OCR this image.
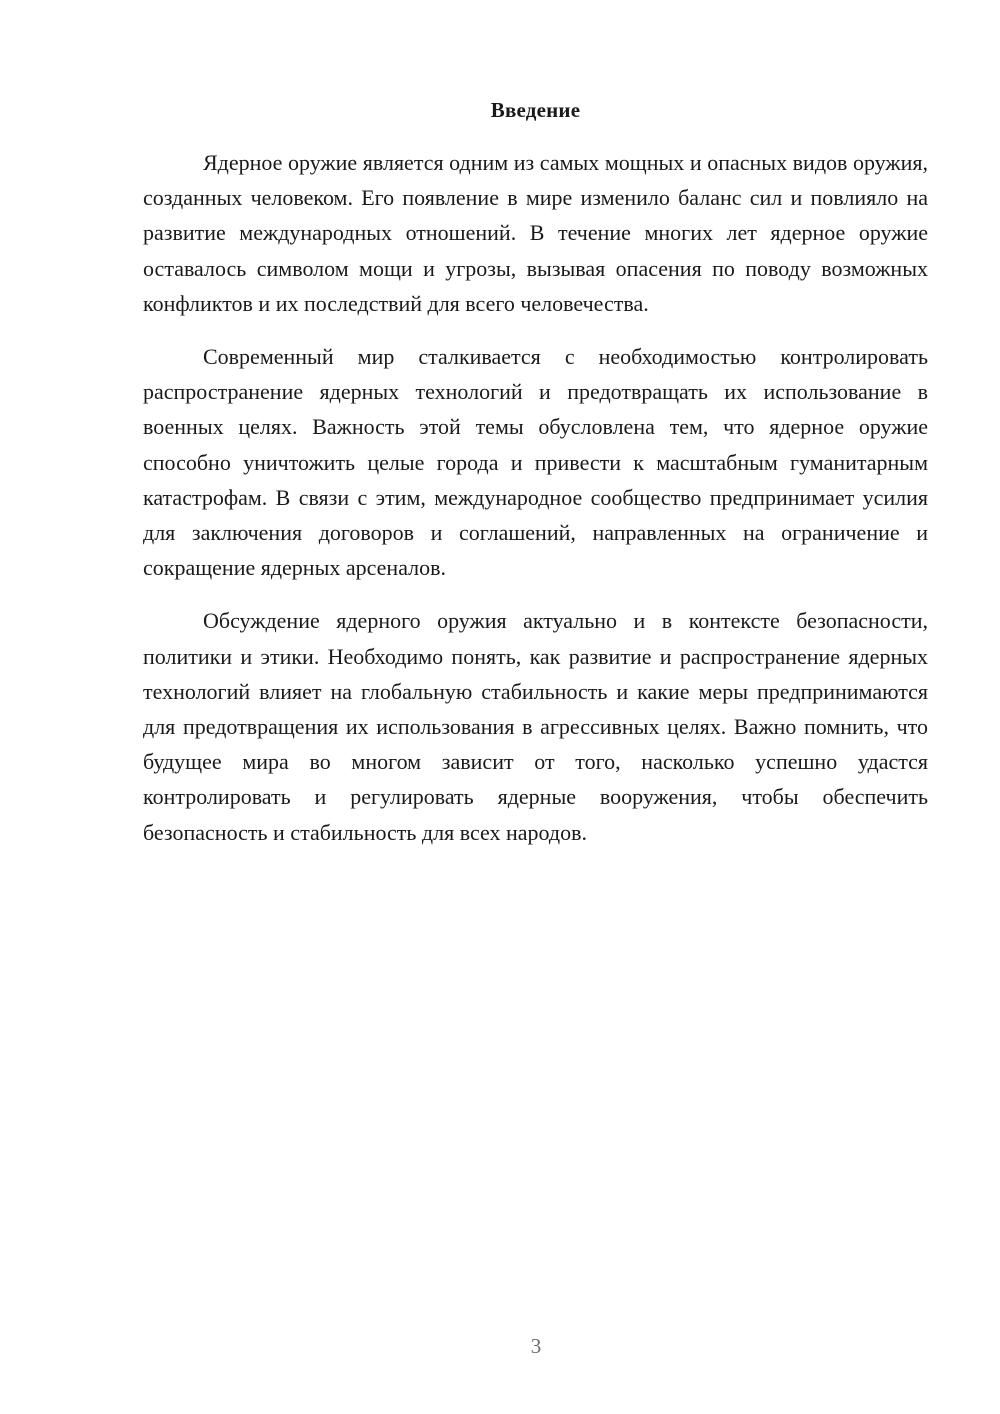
Введение

Ядерное оружие является одним из самых мощных и опасных видов оружия, созданных человеком. Его появление в мире изменило баланс сил и повлияло на развитие международных отношений. В течение многих лет ядерное оружие оставалось символом мощи и угрозы, вызывая опасения по поводу возможных конфликтов и их последствий для всего человечества.

Современный мир сталкивается с необходимостью контролировать распространение ядерных технологий и предотвращать их использование в военных целях. Важность этой темы обусловлена тем, что ядерное оружие способно уничтожить целые города и привести к масштабным гуманитарным катастрофам. В связи с этим, международное сообщество предпринимает усилия для заключения договоров и соглашений, направленных на ограничение и сокращение ядерных арсеналов.

Обсуждение ядерного оружия актуально и в контексте безопасности, политики и этики. Необходимо понять, как развитие и распространение ядерных технологий влияет на глобальную стабильность и какие меры предпринимаются для предотвращения их использования в агрессивных целях. Важно помнить, что будущее мира во многом зависит от того, насколько успешно удастся контролировать и регулировать ядерные вооружения, чтобы обеспечить безопасность и стабильность для всех народов.

3
